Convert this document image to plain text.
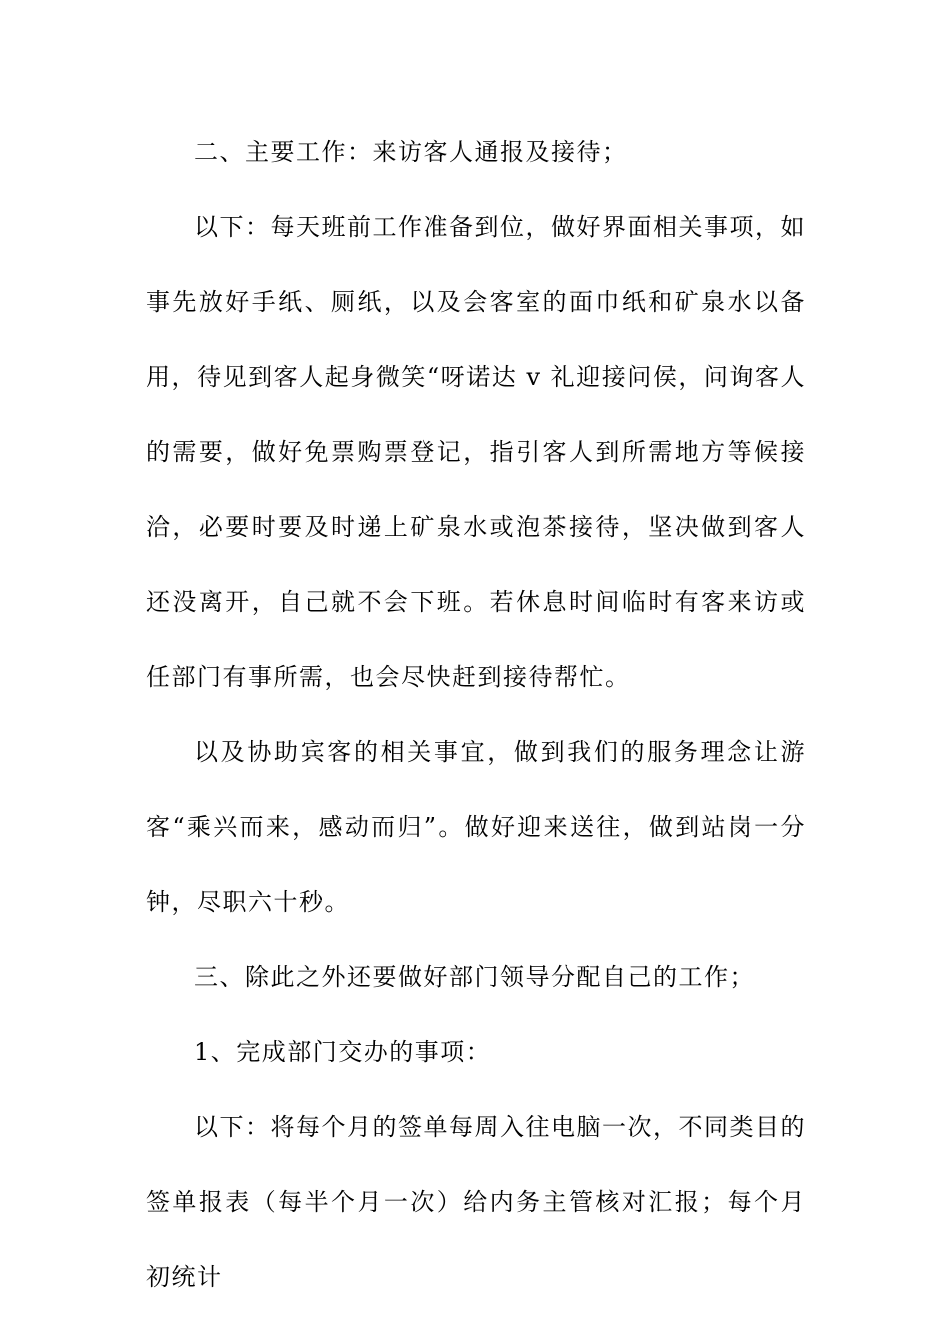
二、主要工作：来访客人通报及接待；

以下：每天班前工作准备到位，做好界面相关事项，如事先放好手纸、厕纸，以及会客室的面巾纸和矿泉水以备用，待见到客人起身微笑“呀诺达 v 礼迎接问侯，问询客人的需要，做好免票购票登记，指引客人到所需地方等候接洽，必要时要及时递上矿泉水或泡茶接待，坚决做到客人还没离开，自己就不会下班。若休息时间临时有客来访或任部门有事所需，也会尽快赶到接待帮忙。

以及协助宾客的相关事宜，做到我们的服务理念让游客“乘兴而来，感动而归”。做好迎来送往，做到站岗一分钟，尽职六十秒。

三、除此之外还要做好部门领导分配自己的工作；

1、完成部门交办的事项：

以下：将每个月的签单每周入往电脑一次，不同类目的签单报表（每半个月一次）给内务主管核对汇报；每个月初统计
